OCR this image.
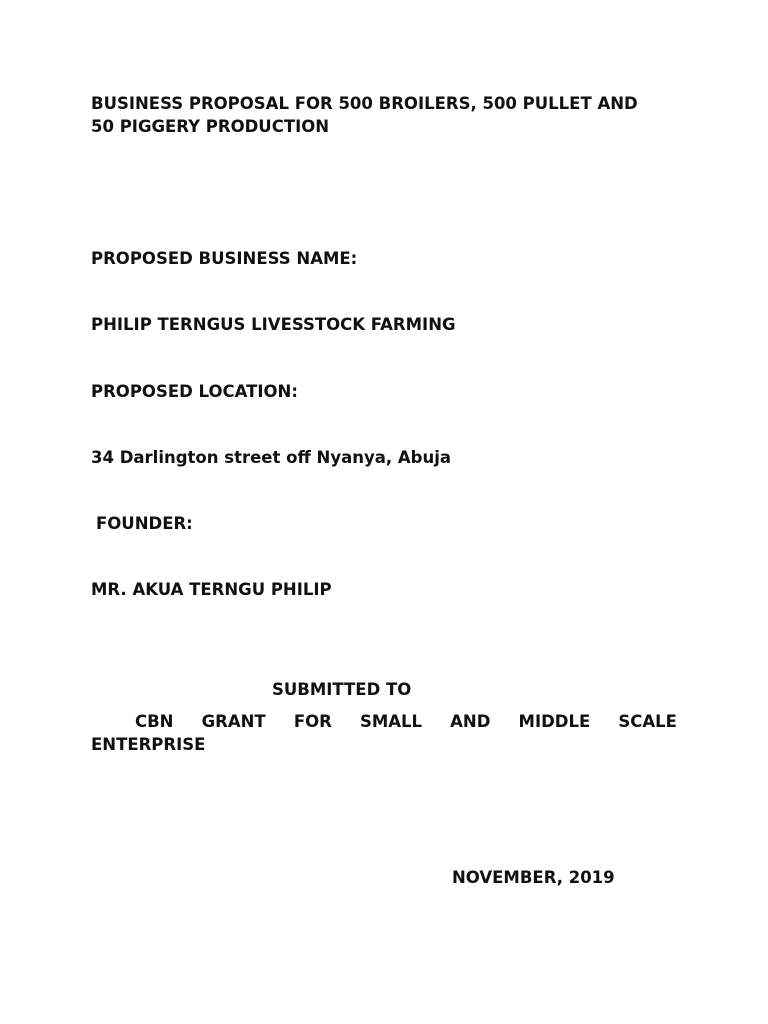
BUSINESS PROPOSAL FOR 500 BROILERS, 500 PULLET AND
50 PIGGERY PRODUCTION
PROPOSED BUSINESS NAME:
PHILIP TERNGUS LIVESSTOCK FARMING
PROPOSED LOCATION:
34 Darlington street off Nyanya, Abuja
FOUNDER:
MR. AKUA TERNGU PHILIP
SUBMITTED TO
CBN GRANT FOR SMALL AND MIDDLE SCALE
ENTERPRISE
NOVEMBER, 2019
